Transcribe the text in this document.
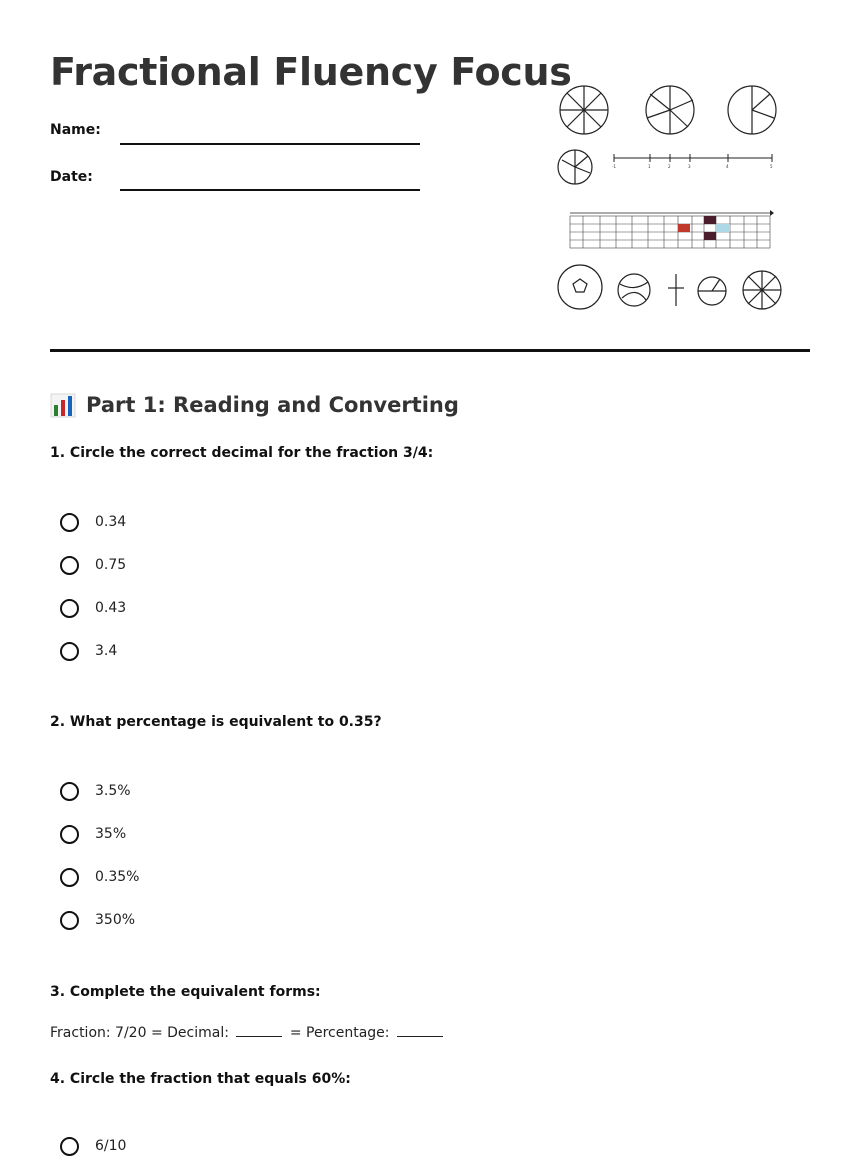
Fractional Fluency Focus
Name:
Date:
-1	1	2	3	4	5
Part 1: Reading and Converting
1. Circle the correct decimal for the fraction 3/4:
0.34
0.75
0.43
3.4
2. What percentage is equivalent to 0.35?
3.5%
35%
0.35%
350%
3. Complete the equivalent forms:
Fraction: 7/20 = Decimal:	= Percentage:
4. Circle the fraction that equals 60%:
6/10
